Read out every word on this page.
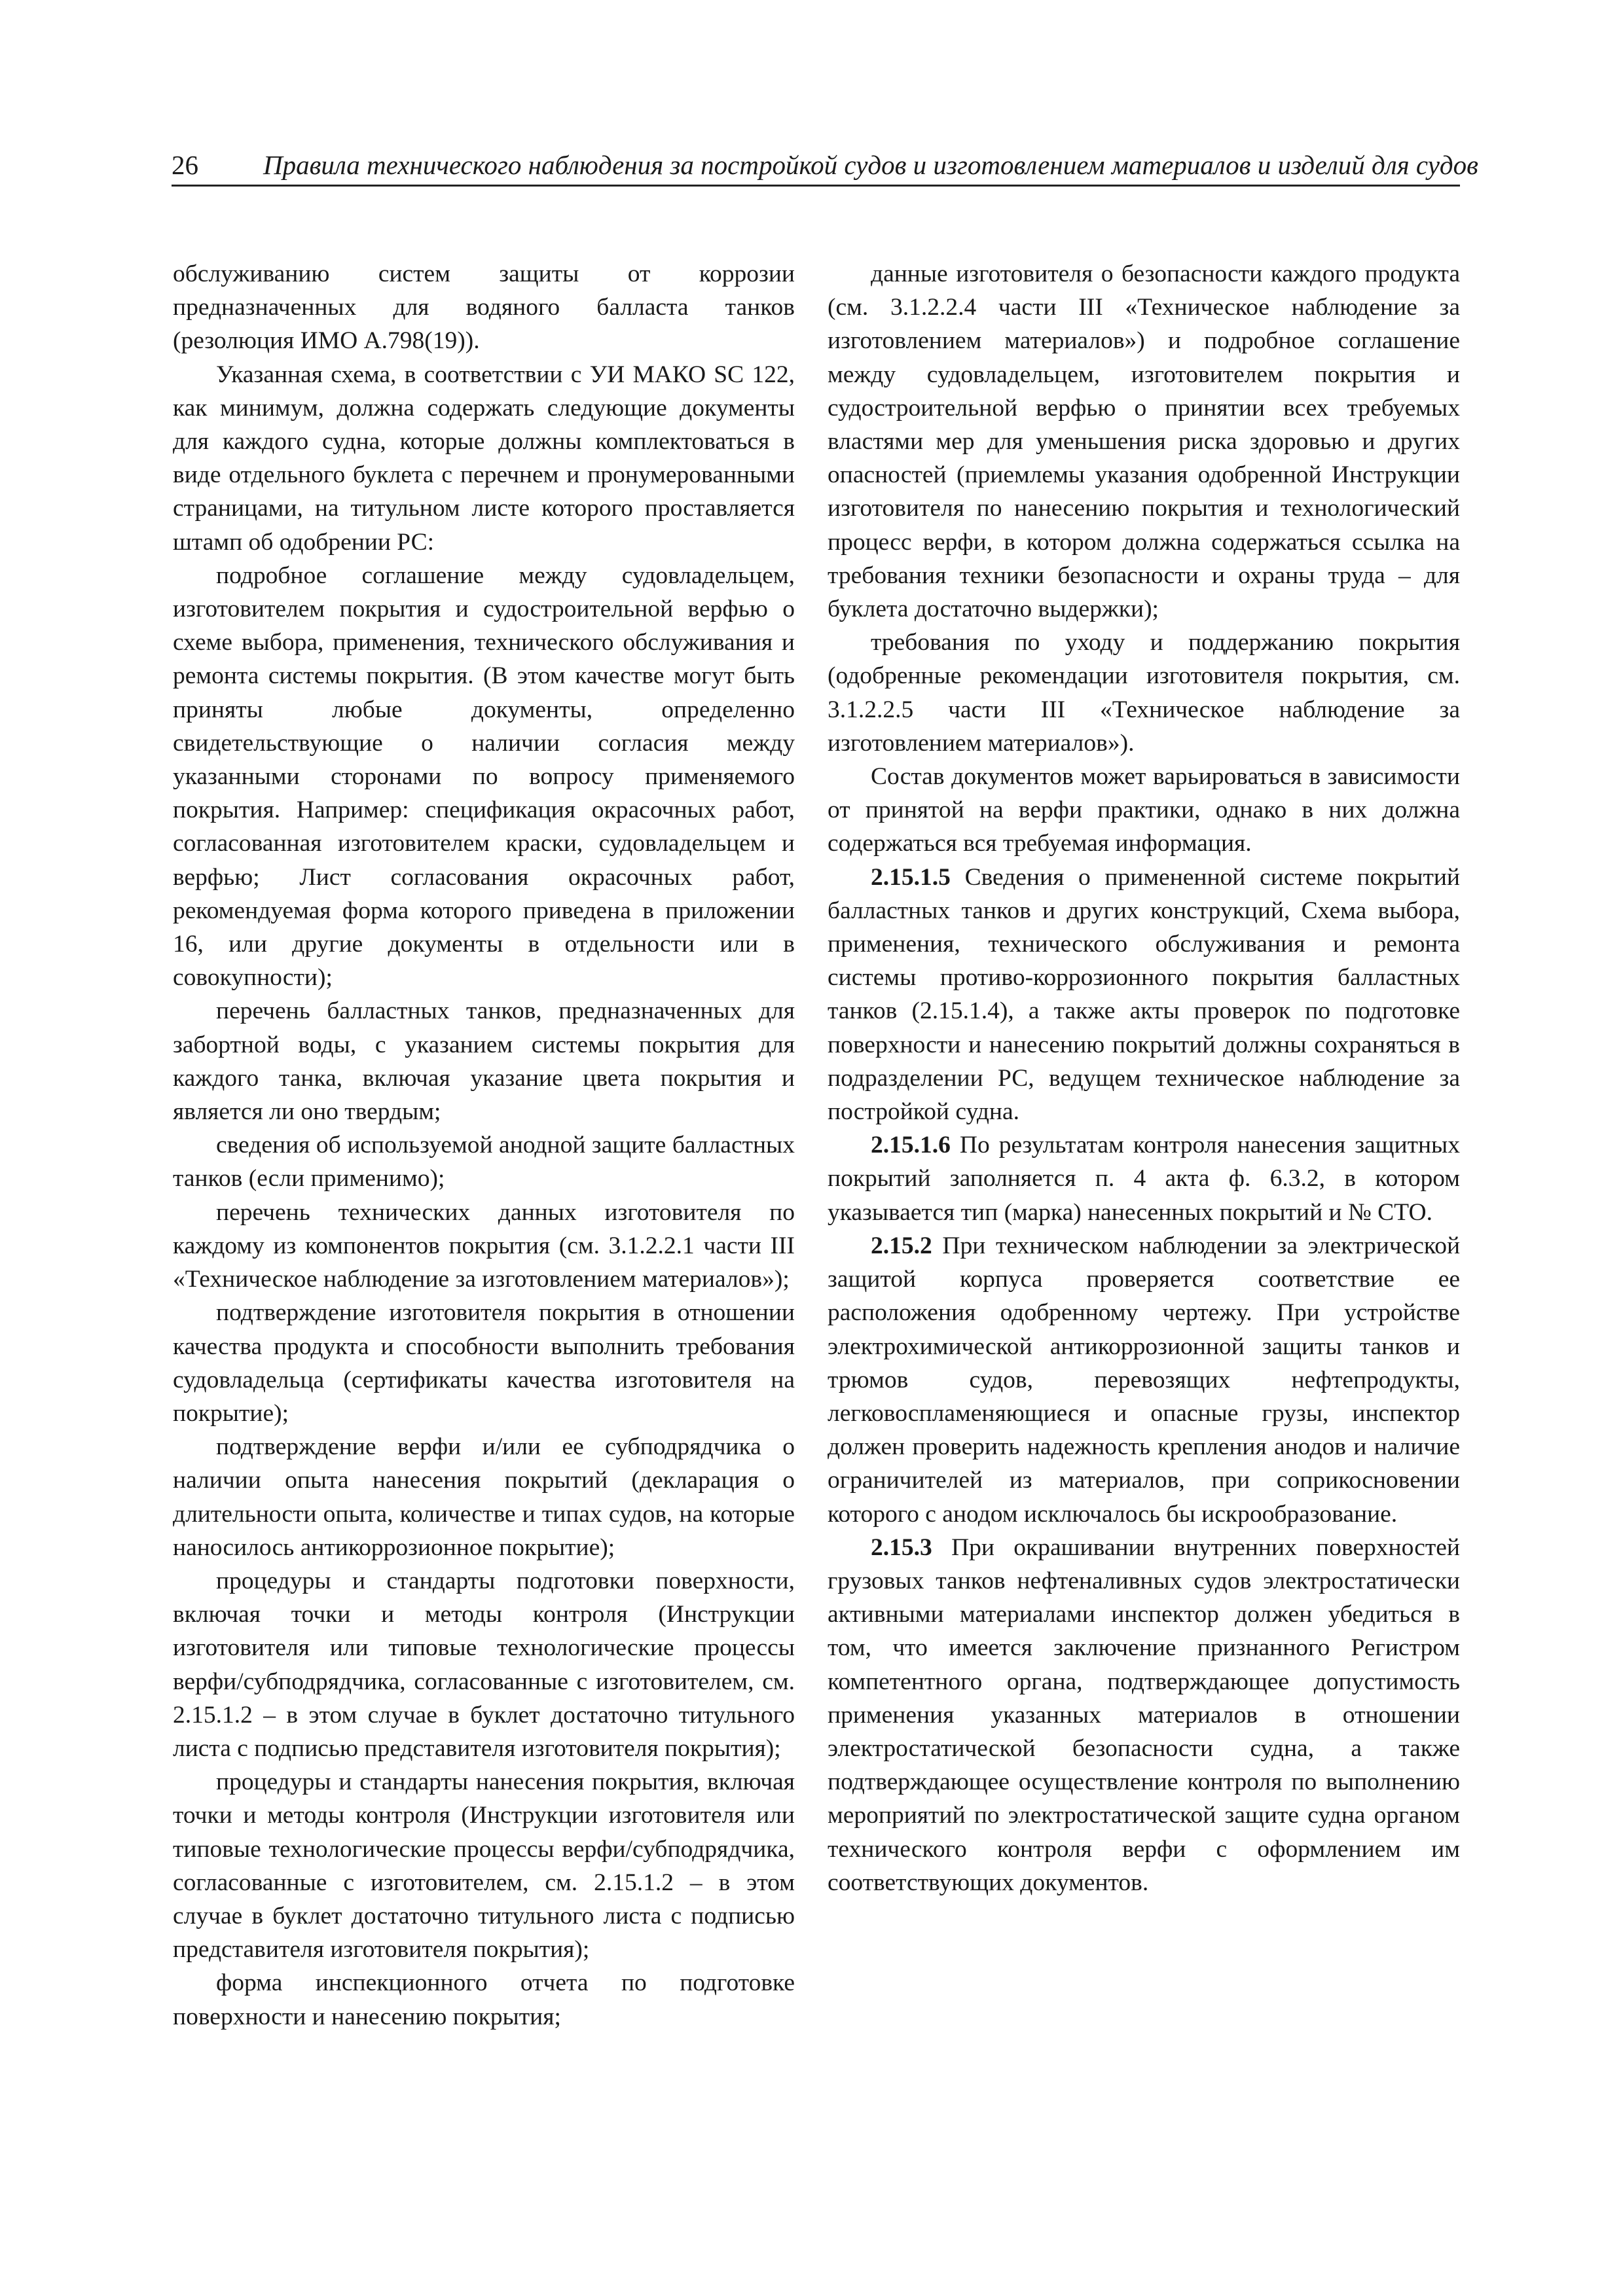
26 Правила технического наблюдения за постройкой судов и изготовлением материалов и изделий для судов

обслуживанию систем защиты от коррозии предназначенных для водяного балласта танков (резолюция ИМО А.798(19)).

Указанная схема, в соответствии с УИ МАКО SC 122, как минимум, должна содержать следующие документы для каждого судна, которые должны комплектоваться в виде отдельного буклета с перечнем и пронумерованными страницами, на титульном листе которого проставляется штамп об одобрении РС:

подробное соглашение между судовладельцем, изготовителем покрытия и судостроительной верфью о схеме выбора, применения, технического обслуживания и ремонта системы покрытия. (В этом качестве могут быть приняты любые документы, определенно свидетельствующие о наличии согласия между указанными сторонами по вопросу применяемого покрытия. Например: спецификация окрасочных работ, согласованная изготовителем краски, судовладельцем и верфью; Лист согласования окрасочных работ, рекомендуемая форма которого приведена в приложении 16, или другие документы в отдельности или в совокупности);

перечень балластных танков, предназначенных для забортной воды, с указанием системы покрытия для каждого танка, включая указание цвета покрытия и является ли оно твердым;

сведения об используемой анодной защите балластных танков (если применимо);

перечень технических данных изготовителя по каждому из компонентов покрытия (см. 3.1.2.2.1 части III «Техническое наблюдение за изготовлением материалов»);

подтверждение изготовителя покрытия в отношении качества продукта и способности выполнить требования судовладельца (сертификаты качества изготовителя на покрытие);

подтверждение верфи и/или ее субподрядчика о наличии опыта нанесения покрытий (декларация о длительности опыта, количестве и типах судов, на которые наносилось антикоррозионное покрытие);

процедуры и стандарты подготовки поверхности, включая точки и методы контроля (Инструкции изготовителя или типовые технологические процессы верфи/субподрядчика, согласованные с изготовителем, см. 2.15.1.2 – в этом случае в буклет достаточно титульного листа с подписью представителя изготовителя покрытия);

процедуры и стандарты нанесения покрытия, включая точки и методы контроля (Инструкции изготовителя или типовые технологические процессы верфи/субподрядчика, согласованные с изготовителем, см. 2.15.1.2 – в этом случае в буклет достаточно титульного листа с подписью представителя изготовителя покрытия);

форма инспекционного отчета по подготовке поверхности и нанесению покрытия;

данные изготовителя о безопасности каждого продукта (см. 3.1.2.2.4 части III «Техническое наблюдение за изготовлением материалов») и подробное соглашение между судовладельцем, изготовителем покрытия и судостроительной верфью о принятии всех требуемых властями мер для уменьшения риска здоровью и других опасностей (приемлемы указания одобренной Инструкции изготовителя по нанесению покрытия и технологический процесс верфи, в котором должна содержаться ссылка на требования техники безопасности и охраны труда – для буклета достаточно выдержки);

требования по уходу и поддержанию покрытия (одобренные рекомендации изготовителя покрытия, см. 3.1.2.2.5 части III «Техническое наблюдение за изготовлением материалов»).

Состав документов может варьироваться в зависимости от принятой на верфи практики, однако в них должна содержаться вся требуемая информация.

2.15.1.5 Сведения о примененной системе покрытий балластных танков и других конструкций, Схема выбора, применения, технического обслуживания и ремонта системы противо-коррозионного покрытия балластных танков (2.15.1.4), а также акты проверок по подготовке поверхности и нанесению покрытий должны сохраняться в подразделении РС, ведущем техническое наблюдение за постройкой судна.

2.15.1.6 По результатам контроля нанесения защитных покрытий заполняется п. 4 акта ф. 6.3.2, в котором указывается тип (марка) нанесенных покрытий и № СТО.

2.15.2 При техническом наблюдении за электрической защитой корпуса проверяется соответствие ее расположения одобренному чертежу. При устройстве электрохимической антикоррозионной защиты танков и трюмов судов, перевозящих нефтепродукты, легковоспламеняющиеся и опасные грузы, инспектор должен проверить надежность крепления анодов и наличие ограничителей из материалов, при соприкосновении которого с анодом исключалось бы искрообразование.

2.15.3 При окрашивании внутренних поверхностей грузовых танков нефтеналивных судов электростатически активными материалами инспектор должен убедиться в том, что имеется заключение признанного Регистром компетентного органа, подтверждающее допустимость применения указанных материалов в отношении электростатической безопасности судна, а также подтверждающее осуществление контроля по выполнению мероприятий по электростатической защите судна органом технического контроля верфи с оформлением им соответствующих документов.
